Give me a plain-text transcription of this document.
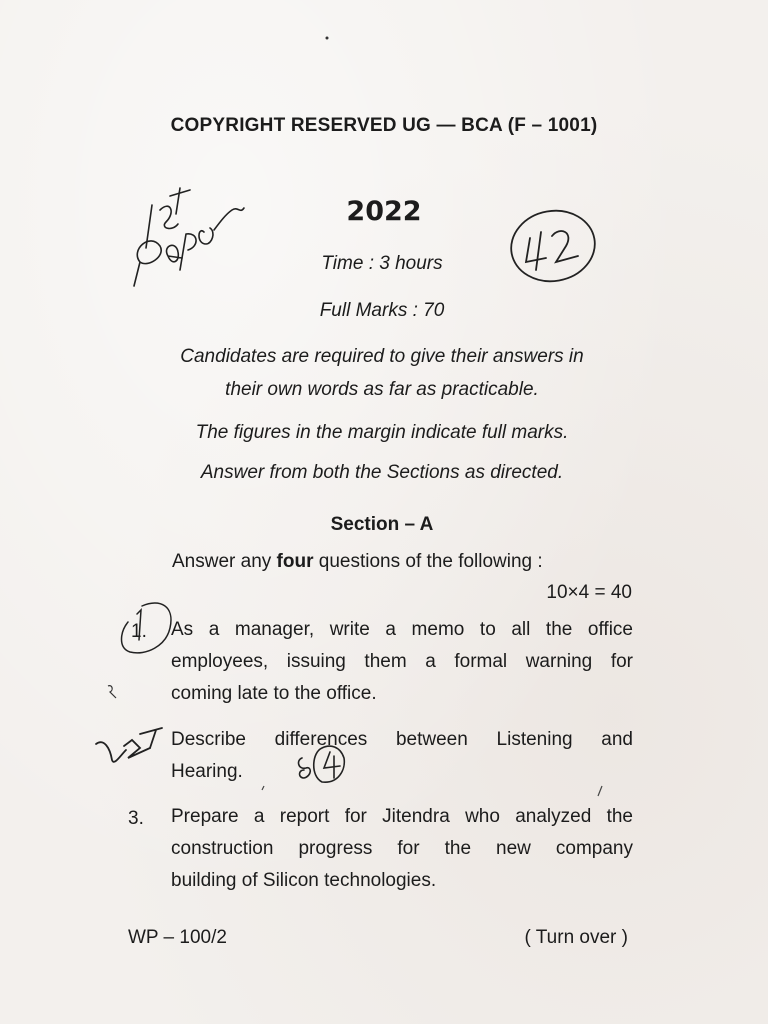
COPYRIGHT RESERVED UG — BCA (F – 1001)
2022
Time : 3 hours
Full Marks : 70
Candidates are required to give their answers in
their own words as far as practicable.
The figures in the margin indicate full marks.
Answer from both the Sections as directed.
Section – A
Answer any four questions of the following :
10×4 = 40
1. As a manager, write a memo to all the office
employees, issuing them a formal warning for
coming late to the office.
Describe differences between Listening and
Hearing.
3. Prepare a report for Jitendra who analyzed the
construction progress for the new company
building of Silicon technologies.
WP – 100/2	( Turn over )
